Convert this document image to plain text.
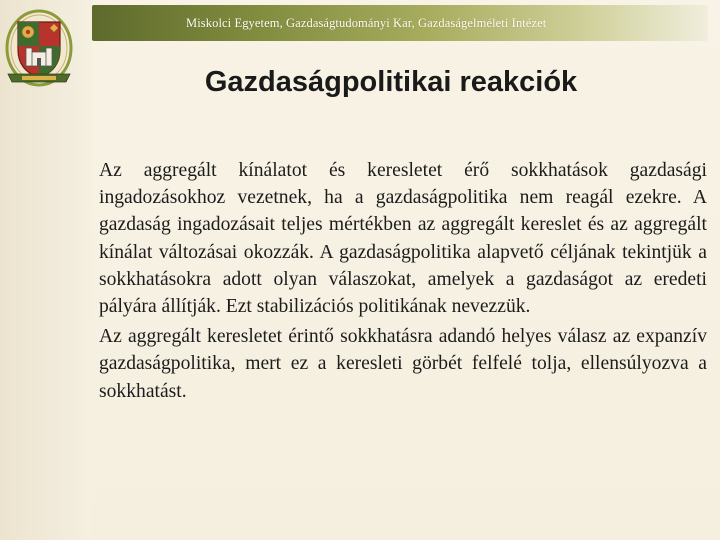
Miskolci Egyetem, Gazdaságtudományi Kar, Gazdaságelméleti Intézet
Gazdaságpolitikai reakciók

Az aggregált kínálatot és keresletet érő sokkhatások gazdasági ingadozásokhoz vezetnek, ha a gazdaságpolitika nem reagál ezekre. A gazdaság ingadozásait teljes mértékben az aggregált kereslet és az aggregált kínálat változásai okozzák. A gazdaságpolitika alapvető céljának tekintjük a sokkhatásokra adott olyan válaszokat, amelyek a gazdaságot az eredeti pályára állítják. Ezt stabilizációs politikának nevezzük.

Az aggregált keresletet érintő sokkhatásra adandó helyes válasz az expanzív gazdaságpolitika, mert ez a keresleti görbét felfelé tolja, ellensúlyozva a sokkhatást.
